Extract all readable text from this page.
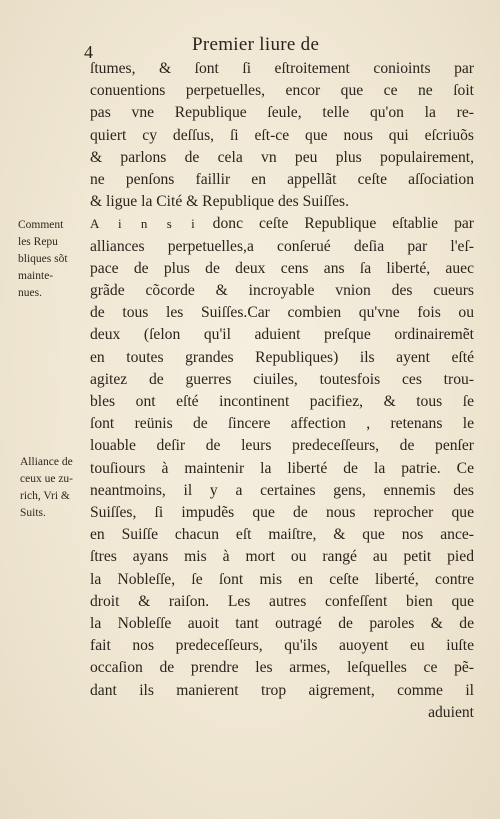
4	Premier liure de
ſtumes, & ſont ſi eſtroitement conioints par
conuentions perpetuelles, encor que ce ne ſoit
pas vne Republique ſeule, telle qu'on la re-
quiert cy deſſus, ſi eſt-ce que nous qui eſcriuõs
& parlons de cela vn peu plus populairement,
ne penſons faillir en appellãt ceſte aſſociation
& ligue la Cité & Republique des Suiſſes.
A i n s i donc ceſte Republique eſtablie par
alliances perpetuelles,a conſerué deſia par l'eſ-
pace de plus de deux cens ans ſa liberté, auec
grãde cõcorde & incroyable vnion des cueurs
de tous les Suiſſes.Car combien qu'vne fois ou
deux (ſelon qu'il aduient preſque ordinairemẽt
en toutes grandes Republiques) ils ayent eſté
agitez de guerres ciuiles, toutesfois ces trou-
bles ont eſté incontinent pacifiez, & tous ſe
ſont reünis de ſincere affection , retenans le
louable deſir de leurs predeceſſeurs, de penſer
touſiours à maintenir la liberté de la patrie. Ce
neantmoins, il y a certaines gens, ennemis des
Suiſſes, ſi impudẽs que de nous reprocher que
en Suiſſe chacun eſt maiſtre, & que nos ance-
ſtres ayans mis à mort ou rangé au petit pied
la Nobleſſe, ſe ſont mis en ceſte liberté, contre
droit & raiſon. Les autres confeſſent bien que
la Nobleſſe auoit tant outragé de paroles & de
fait nos predeceſſeurs, qu'ils auoyent eu iuſte
occaſion de prendre les armes, leſquelles ce pẽ-
dant ils manierent trop aigrement, comme il
aduient
Comment
les Repu
bliques sõt
mainte-
nues.
Alliance de
ceux ue zu-
rich, Vri &
Suits.
